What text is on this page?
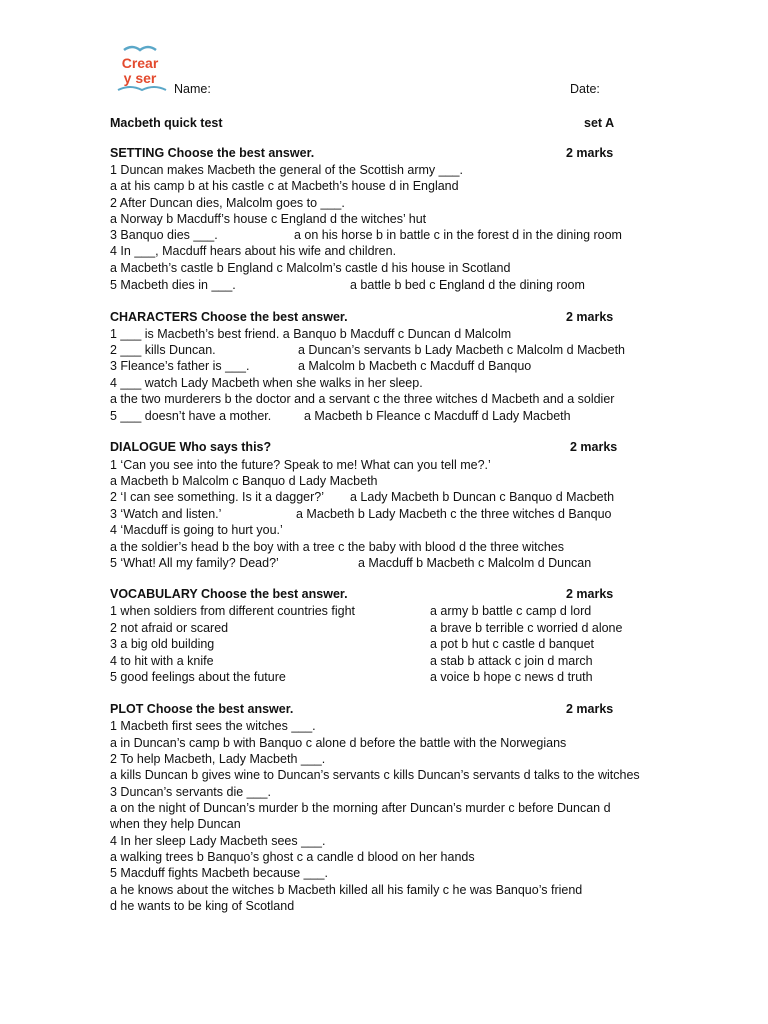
Crear
y ser
Name:	Date:
Macbeth quick test	set A
SETTING Choose the best answer.	2 marks
1 Duncan makes Macbeth the general of the Scottish army ___.
a at his camp b at his castle c at Macbeth’s house d in England
2 After Duncan dies, Malcolm goes to ___.
a Norway b Macduff’s house c England d the witches’ hut
3 Banquo dies ___.	a on his horse b in battle c in the forest d in the dining room
4 In ___, Macduff hears about his wife and children.
a Macbeth’s castle b England c Malcolm’s castle d his house in Scotland
5 Macbeth dies in ___.	a battle b bed c England d the dining room
CHARACTERS Choose the best answer.	2 marks
1 ___ is Macbeth’s best friend. a Banquo b Macduff c Duncan d Malcolm
2 ___ kills Duncan.	a Duncan’s servants b Lady Macbeth c Malcolm d Macbeth
3 Fleance’s father is ___.	a Malcolm b Macbeth c Macduff d Banquo
4 ___ watch Lady Macbeth when she walks in her sleep.
a the two murderers b the doctor and a servant c the three witches d Macbeth and a soldier
5 ___ doesn’t have a mother.	a Macbeth b Fleance c Macduff d Lady Macbeth
DIALOGUE Who says this?	2 marks
1 ‘Can you see into the future? Speak to me! What can you tell me?.’
a Macbeth b Malcolm c Banquo d Lady Macbeth
2 ‘I can see something. Is it a dagger?’ a Lady Macbeth b Duncan c Banquo d Macbeth
3 ‘Watch and listen.’	a Macbeth b Lady Macbeth c the three witches d Banquo
4 ‘Macduff is going to hurt you.’
a the soldier’s head b the boy with a tree c the baby with blood d the three witches
5 ‘What! All my family? Dead?’	a Macduff b Macbeth c Malcolm d Duncan
VOCABULARY Choose the best answer.	2 marks
1 when soldiers from different countries fight	a army b battle c camp d lord
2 not afraid or scared	a brave b terrible c worried d alone
3 a big old building	a pot b hut c castle d banquet
4 to hit with a knife	a stab b attack c join d march
5 good feelings about the future	a voice b hope c news d truth
PLOT Choose the best answer.	2 marks
1 Macbeth first sees the witches ___.
a in Duncan’s camp b with Banquo c alone d before the battle with the Norwegians
2 To help Macbeth, Lady Macbeth ___.
a kills Duncan b gives wine to Duncan’s servants c kills Duncan’s servants d talks to the witches
3 Duncan’s servants die ___.
a on the night of Duncan’s murder b the morning after Duncan’s murder c before Duncan d
when they help Duncan
4 In her sleep Lady Macbeth sees ___.
a walking trees b Banquo’s ghost c a candle d blood on her hands
5 Macduff fights Macbeth because ___.
a he knows about the witches b Macbeth killed all his family c he was Banquo’s friend
d he wants to be king of Scotland
